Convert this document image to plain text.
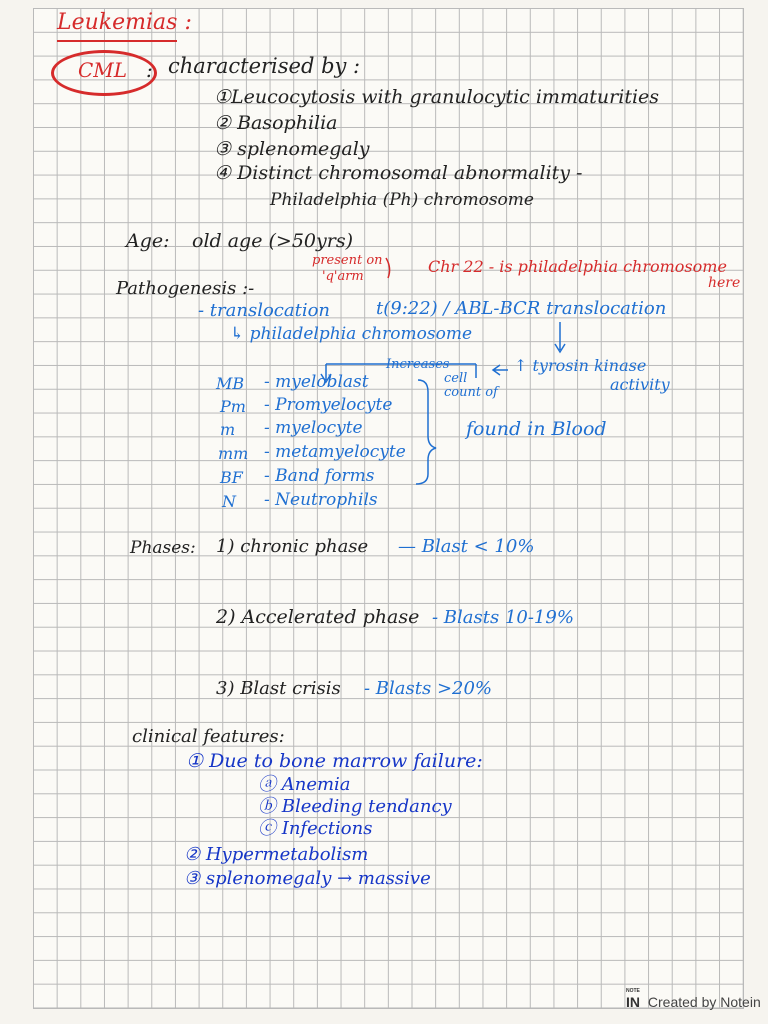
Leukemias :
CML : characterised by :
①Leucocytosis with granulocytic immaturities
② Basophilia
③ splenomegaly
④ Distinct chromosomal abnormality -
Philadelphia (Ph) chromosome
Age: old age (>50yrs)
Pathogenesis :-
present on
'q'arm
Chr 22 - is philadelphia chromosome
here
- translocation	t(9:22) / ABL-BCR translocation
↳ philadelphia chromosome
Increases
cell
count of
↑ tyrosin kinase
activity
found in Blood
MB - myeloblast
Pm - Promyelocyte
m - myelocyte
mm - metamyelocyte
BF - Band forms
N - Neutrophils
Phases: 1) chronic phase — Blast < 10%
2) Accelerated phase - Blasts 10-19%
3) Blast crisis - Blasts >20%
clinical features:
① Due to bone marrow failure:
ⓐ Anemia
ⓑ Bleeding tendancy
ⓒ Infections
② Hypermetabolism
③ splenomegaly → massive
NOTE
IN Created by Notein
